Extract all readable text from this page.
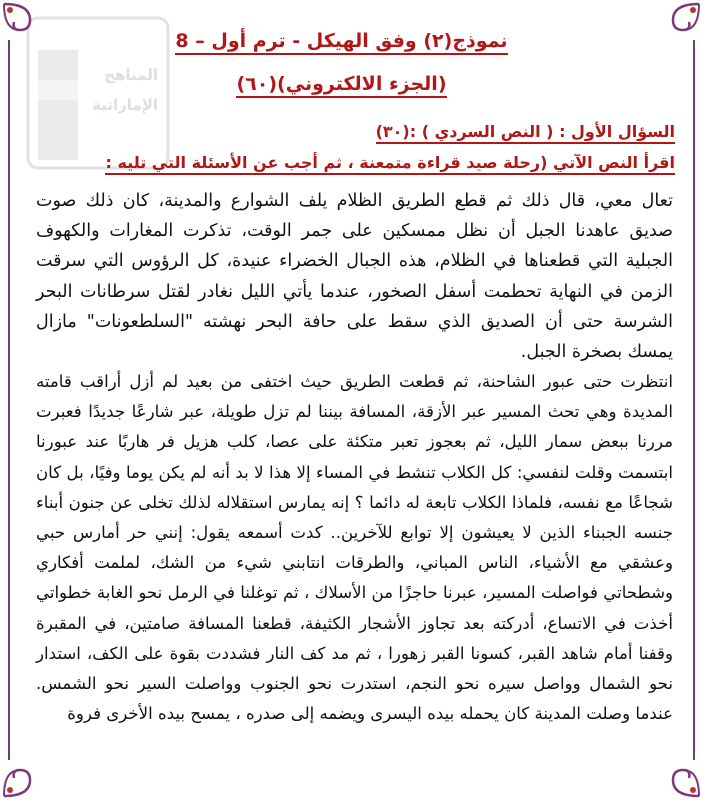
المناهج
الإماراتية
نموذج(٢) وفق الهيكل - ترم أول – 8
(الجزء الالكتروني)(٦٠)
السؤال الأول : ( النص السردي ) :(٣٠)
اقرأ النص الآتي (رحلة صيد قراءة متمعنة ، ثم أجب عن الأسئلة التي تليه :
تعال معي، قال ذلك ثم قطع الطريق الظلام يلف الشوارع والمدينة، كان ذلك صوت صديق عاهدنا الجبل أن نظل ممسكين على جمر الوقت، تذكرت المغارات والكهوف الجبلية التي قطعناها في الظلام، هذه الجبال الخضراء عنيدة، كل الرؤوس التي سرقت الزمن في النهاية تحطمت أسفل الصخور، عندما يأتي الليل نغادر لقتل سرطانات البحر الشرسة حتى أن الصديق الذي سقط على حافة البحر نهشته "السلطعونات" مازال يمسك بصخرة الجبل.
انتظرت حتى عبور الشاحنة، ثم قطعت الطريق حيث اختفى من بعيد لم أزل أراقب قامته المديدة وهي تحث المسير عبر الأزقة، المسافة بيننا لم تزل طويلة، عبر شارعًا جديدًا فعبرت مررنا ببعض سمار الليل، ثم بعجوز تعبر متكئة على عصا، كلب هزيل فر هاربًا عند عبورنا ابتسمت وقلت لنفسي: كل الكلاب تنشط في المساء إلا هذا لا بد أنه لم يكن يوما وفيًا، بل كان شجاعًا مع نفسه، فلماذا الكلاب تابعة له دائما ؟ إنه يمارس استقلاله لذلك تخلى عن جنون أبناء جنسه الجبناء الذين لا يعيشون إلا توابع للآخرين.. كدت أسمعه يقول: إنني حر أمارس حبي وعشقي مع الأشياء، الناس المباني، والطرقات انتابني شيء من الشك، لملمت أفكاري وشطحاتي فواصلت المسير، عبرنا حاجزًا من الأسلاك ، ثم توغلنا في الرمل نحو الغابة خطواتي أخذت في الاتساع، أدركته بعد تجاوز الأشجار الكثيفة، قطعنا المسافة صامتين، في المقبرة وقفنا أمام شاهد القبر، كسونا القبر زهورا ، ثم مد كف النار فشددت بقوة على الكف، استدار نحو الشمال وواصل سيره نحو النجم، استدرت نحو الجنوب وواصلت السير نحو الشمس. عندما وصلت المدينة كان يحمله بيده اليسرى ويضمه إلى صدره ، يمسح بيده الأخرى فروة
